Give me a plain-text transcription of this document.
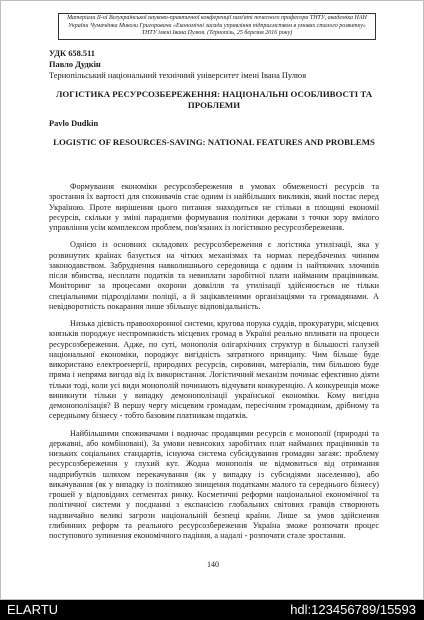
Матеріали ІІ-ої Всеукраїнської науково-практичної конференції пам'яті почесного професора ТНТУ, академіка НАН України Чумачёнка Миколи Григоровича «Економічні засади управління підприємством в умовах сталого розвитку» ТНТУ імені Івана Пулюя. (Тернопіль, 25 березня 2016 року)
УДК 658.511
Павло Дудкін
Тернопільський національний технічний університет імені Івана Пулюя
ЛОГІСТИКА РЕСУРСОЗБЕРЕЖЕННЯ: НАЦІОНАЛЬНІ ОСОБЛИВОСТІ ТА ПРОБЛЕМИ
Pavlo Dudkin
LOGISTIC OF RESOURCES-SAVING: NATIONAL FEATURES AND PROBLEMS

Формування економіки ресурсозбереження в умовах обмеженості ресурсів та зростання їх вартості для споживачів стає одним із найбільших викликів, який постає перед Україною. Проте вирішення цього питання знаходиться не стільки в площині економії ресурсів, скільки у зміні парадигми формування політики держави з точки зору вмілого управління усім комплексом проблем, пов'язаних із логістикою ресурсозбереження.

Однією із основних складових ресурсозбереження є логістика утилізації, яка у розвинутих країнах базується на чітких механізмах та нормах передбачених чинним законодавством. Забруднення навколишнього середовища є одним із найтяжчих злочинів після вбивства, несплати податків та невиплати заробітної плати найманим працівникам. Моніторинг за процесами охорони довкілля та утилізації здійснюється не тільки спеціальними підрозділами поліції, а й зацікавленими організаціями та громадянами. А невідворотність покарання лише збільшує відповідальність.

Низька дієвість правоохоронної системи, кругова порука суддів, прокуратури, місцевих князьків породжує неспроможність місцевих громад в Україні реально впливати на процеси ресурсозбереження. Адже, по суті, монополія олігархічних структур в більшості галузей національної економіки, породжує вигідність затратного принципу. Чим більше буде використано електроенергії, природних ресурсів, сировини, матеріалів, тим більшою буде пряма і непряма вигода від їх використання. Логістичний механізм починає ефективно діяти тільки тоді, коли усі види монополій починають відчувати конкуренцію. А конкуренція може виникнути тільки у випадку демонополізації української економіки. Кому вигідна демонополізація? В першу чергу місцевим громадам, пересічним громадянам, дрібному та середньому бізнесу - тобто базовим платникам податків.

Найбільшими споживачами і водночас продавцями ресурсів є монополії (природні та державні, або комбіновані). За умови невисоких заробітних плат найманих працівників та низьких соціальних стандартів, існуюча система субсидування громадян загаяє: проблему ресурсозбереження у глухий кут. Жодна монополія не відмовиться від отримання надприбутків шляхом перекачування (як у випадку із субсидіями населенню), або викачування (як у випадку із політикою знищення податками малого та середнього бізнесу) грошей у відповідних сегментах ринку. Косметичні реформи національної економічної та політичної системи у поєднанні з експансією глобальних світових гравців створюють надзвичайно великі загрози національній безпеці країни. Лише за умов здійснення глибинних реформ та реального ресурсозбереження Україна зможе розпочати процес поступового зупинення економічного падіння, а надалі - розпочати стале зростання.

140
ELARTU	hdl:123456789/15593
